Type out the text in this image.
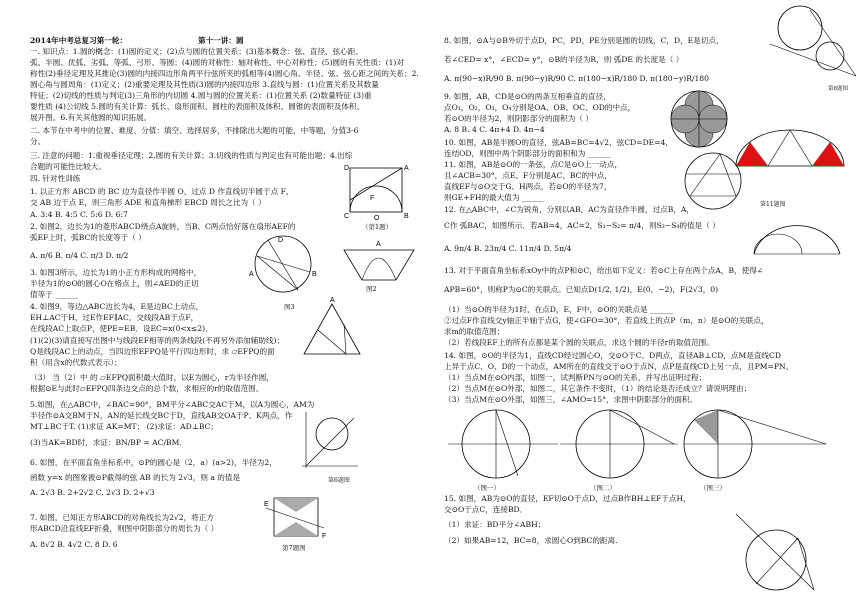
2014年中考总复习第一轮：	第十一讲：圆
一. 知识点：1.圆的概念：(1)圆的定义；(2)点与圆的位置关系；(3)基本概念：弦、直径、弦心距、
弧、半圆、优弧、劣弧、等弧、弓形、等圆；(4)圆的对称性：轴对称性、中心对称性；(5)圆的有关性质：(1)对
称性(2)垂径定理及其推论(3)圆的内接四边形角两平行弦所夹的弧相等(4)圆心角、半径、弦、弦心距之间的关系；2.
圆心角与圆周角：(1)定义；(2)重要定理及其性质(3)圆的内接四边形 3.直线与圆：(1)位置关系及其数量
特征；(2)切线的性质与判定(3)三角形的内切圆 4.圆与圆的位置关系：(1)位置关系 (2)数量特征 (3)重
要性质 (4)公切线 5.圆的有关计算：弧长、扇形面积、圆柱的表面积及体积、圆锥的表面积及体积、
展开图。6.有关其他圆的知识拓展。
二. 本节在中考中的位置、难度、分值：填空、选择居多，不排除出大题的可能，中等题，分值3-6
分。
三. 注意的问题：1.重视垂径定理；2.圆的有关计算；3.切线的性质与判定也有可能出题；4.出综
合题的可能性比较大。
四. 针对性训练
1. 以正方形 ABCD 的 BC 边为直径作半圆 O，过点 D 作直线切半圆于点 F，
交 AB 边于点 E，则三角形 ADE 和直角梯形 EBCD 周长之比为（ ）
A. 3:4 B. 4:5 C. 5:6 D. 6:7
2. 如图2，边长为1的菱形ABCD绕点A旋转，当B、C两点恰好落在扇形AEF的
弧EF上时，弧BC的长度等于（ ）
A. π/6 B. π/4 C. π/3 D. π/2
3. 如图3所示，边长为1的小正方形构成的网格中，
半径为1的⊙O的圆心O在格点上，则∠AED的正切
值等于 ______
4. 如图9，等边△ABC边长为4，E是边BC上动点，
EH⊥AC于H，过E作EF∥AC，交线段AB于点F，
在线段AC上取点P，使PE=EB．设EC=x(0<x≤2)．
(1)(2)(3)请直接写出图中与线段EF相等的两条线段(不再另外添加辅助线)；
Q是线段AC上的动点，当四边形EFPQ是平行四边形时，求 ▱EFPQ的面
积（用含x的代数式表示）；
（3） 当（2）中 的 ▱EFPQ面积最大值时，以E为圆心，r为半径作圆，
根据⊙E与此时▱EFPQ四条边交点的总个数，求相应的r的取值范围。
5.如图，在△ABC中，∠BAC=90°，BM平分∠ABC交AC于M，以A为圆心，AM为
半径作⊙A交BM于N，AN的延长线交BC于D，直线AB交OA于P、K两点，作
MT⊥BC于T. (1)求证 AK=MT； (2)求证：AD⊥BC；
(3)当AK=BD时，求证：BN/BP = AC/BM．
6. 如图，在平面直角坐标系中，⊙P的圆心是（2，a）(a>2)，半径为2，
函数 y=x 的图象被⊙P截得的弦 AB 的长为 2√3，则 a 的值是
A. 2√3 B. 2+2√2 C. 2√3 D. 2+√3
7. 如图，已知正方形ABCD的对角线长为2√2，将正方
形ABCD沿直线EF折叠，则图中阴影部分的周长为（ ）
A. 8√2 B. 4√2 C. 8 D. 6
D	A
C	B
F
O
（第1题）
A
图2
A	B
D
图3
A
第6题图
E
F
第7题图
8. 如图，⊙A与⊙B外切于点D，PC，PD，PE分别是圆的切线，C，D，E是切点，
若∠CED= x°，∠ECD= y°，⊙B的半径为R，则 弧DE 的长度是（ ）
A. π(90−x)R/90 B. π(90−y)R/90 C. π(180−x)R/180 D. π(180−y)R/180
9. 如图，AB，CD是⊙O的两条互相垂直的直径，
点O₁，O₂，O₃，O₄分别是OA、OB、OC、OD的中点，
若⊙O的半径为2，则阴影部分的面积为（ ）
A. 8 B. 4 C. 4π+4 D. 4π−4
10. 如图，AB是半圆O的直径，弦AB=BC=4√2，弦CD=DE=4，
连结OD，则图中两个阴影部分的面积和为 ______
11. 如图，AB是⊙O的一条弦，点C是⊙O上一动点，
且∠ACB=30°，点E、F分别是AC、BC的中点，
直线EF与⊙O交于G、H两点，若⊙O的半径为7，
则GE+FH的最大值为 ______
12. 在△ABC中，∠C为锐角，分别以AB，AC为直径作半圆，过点B，A，
C作 弧BAC，如图所示．若AB=4，AC=2，S₁−S₂= π/4，则S₃−S₄的值是（ ）
A. 9π/4 B. 23π/4 C. 11π/4 D. 5π/4
13. 对于平面直角坐标系xOy中的点P和⊙C，给出如下定义：若⊙C上存在两个点A，B，使得∠
APB=60°，则称P为⊙C的关联点。已知点D(1/2, 1/2)，E(0，−2)，F(2√3，0)
（1）当⊙O的半径为1时，在点D，E，F中，⊙O的关联点是 ______
②过点F作直线交y轴正半轴于点G，使∠GFO=30°，若直线上的点P（m，n）是⊙O的关联点，
求m的取值范围；
（2）若线段EF上的所有点都是某个圆的关联点，求这个圆的半径r的取值范围。
14. 如图，⊙O的半径为1，直线CD经过圆心O，交⊙O于C、D两点，直径AB⊥CD，点M是直线CD
上异于点C、O、D的一个动点，AM所在的直线交于⊙O于点N，点P是直线CD上另一点，且PM=PN。
（1）当点M在⊙O内部，如图一，试判断PN与⊙O的关系，并写出证明过程；
（2）当点M在⊙O外部，如图二，其它条件不变时，（1）的结论是否还成立？请说明理由；
（3）当点M在⊙O外部，如图三，∠AMO=15°，求图中阴影部分的面积。
15. 如图，AB为⊙O的直径，EF切⊙O于点D，过点B作BH⊥EF于点H，
交⊙O于点C，连接BD．
（1）求证：BD平分∠ABH；
（2）如果AB=12，BC=8，求圆心O到BC的距离.
第8题图
第11题图
（图一）	（图二）	（图三）
